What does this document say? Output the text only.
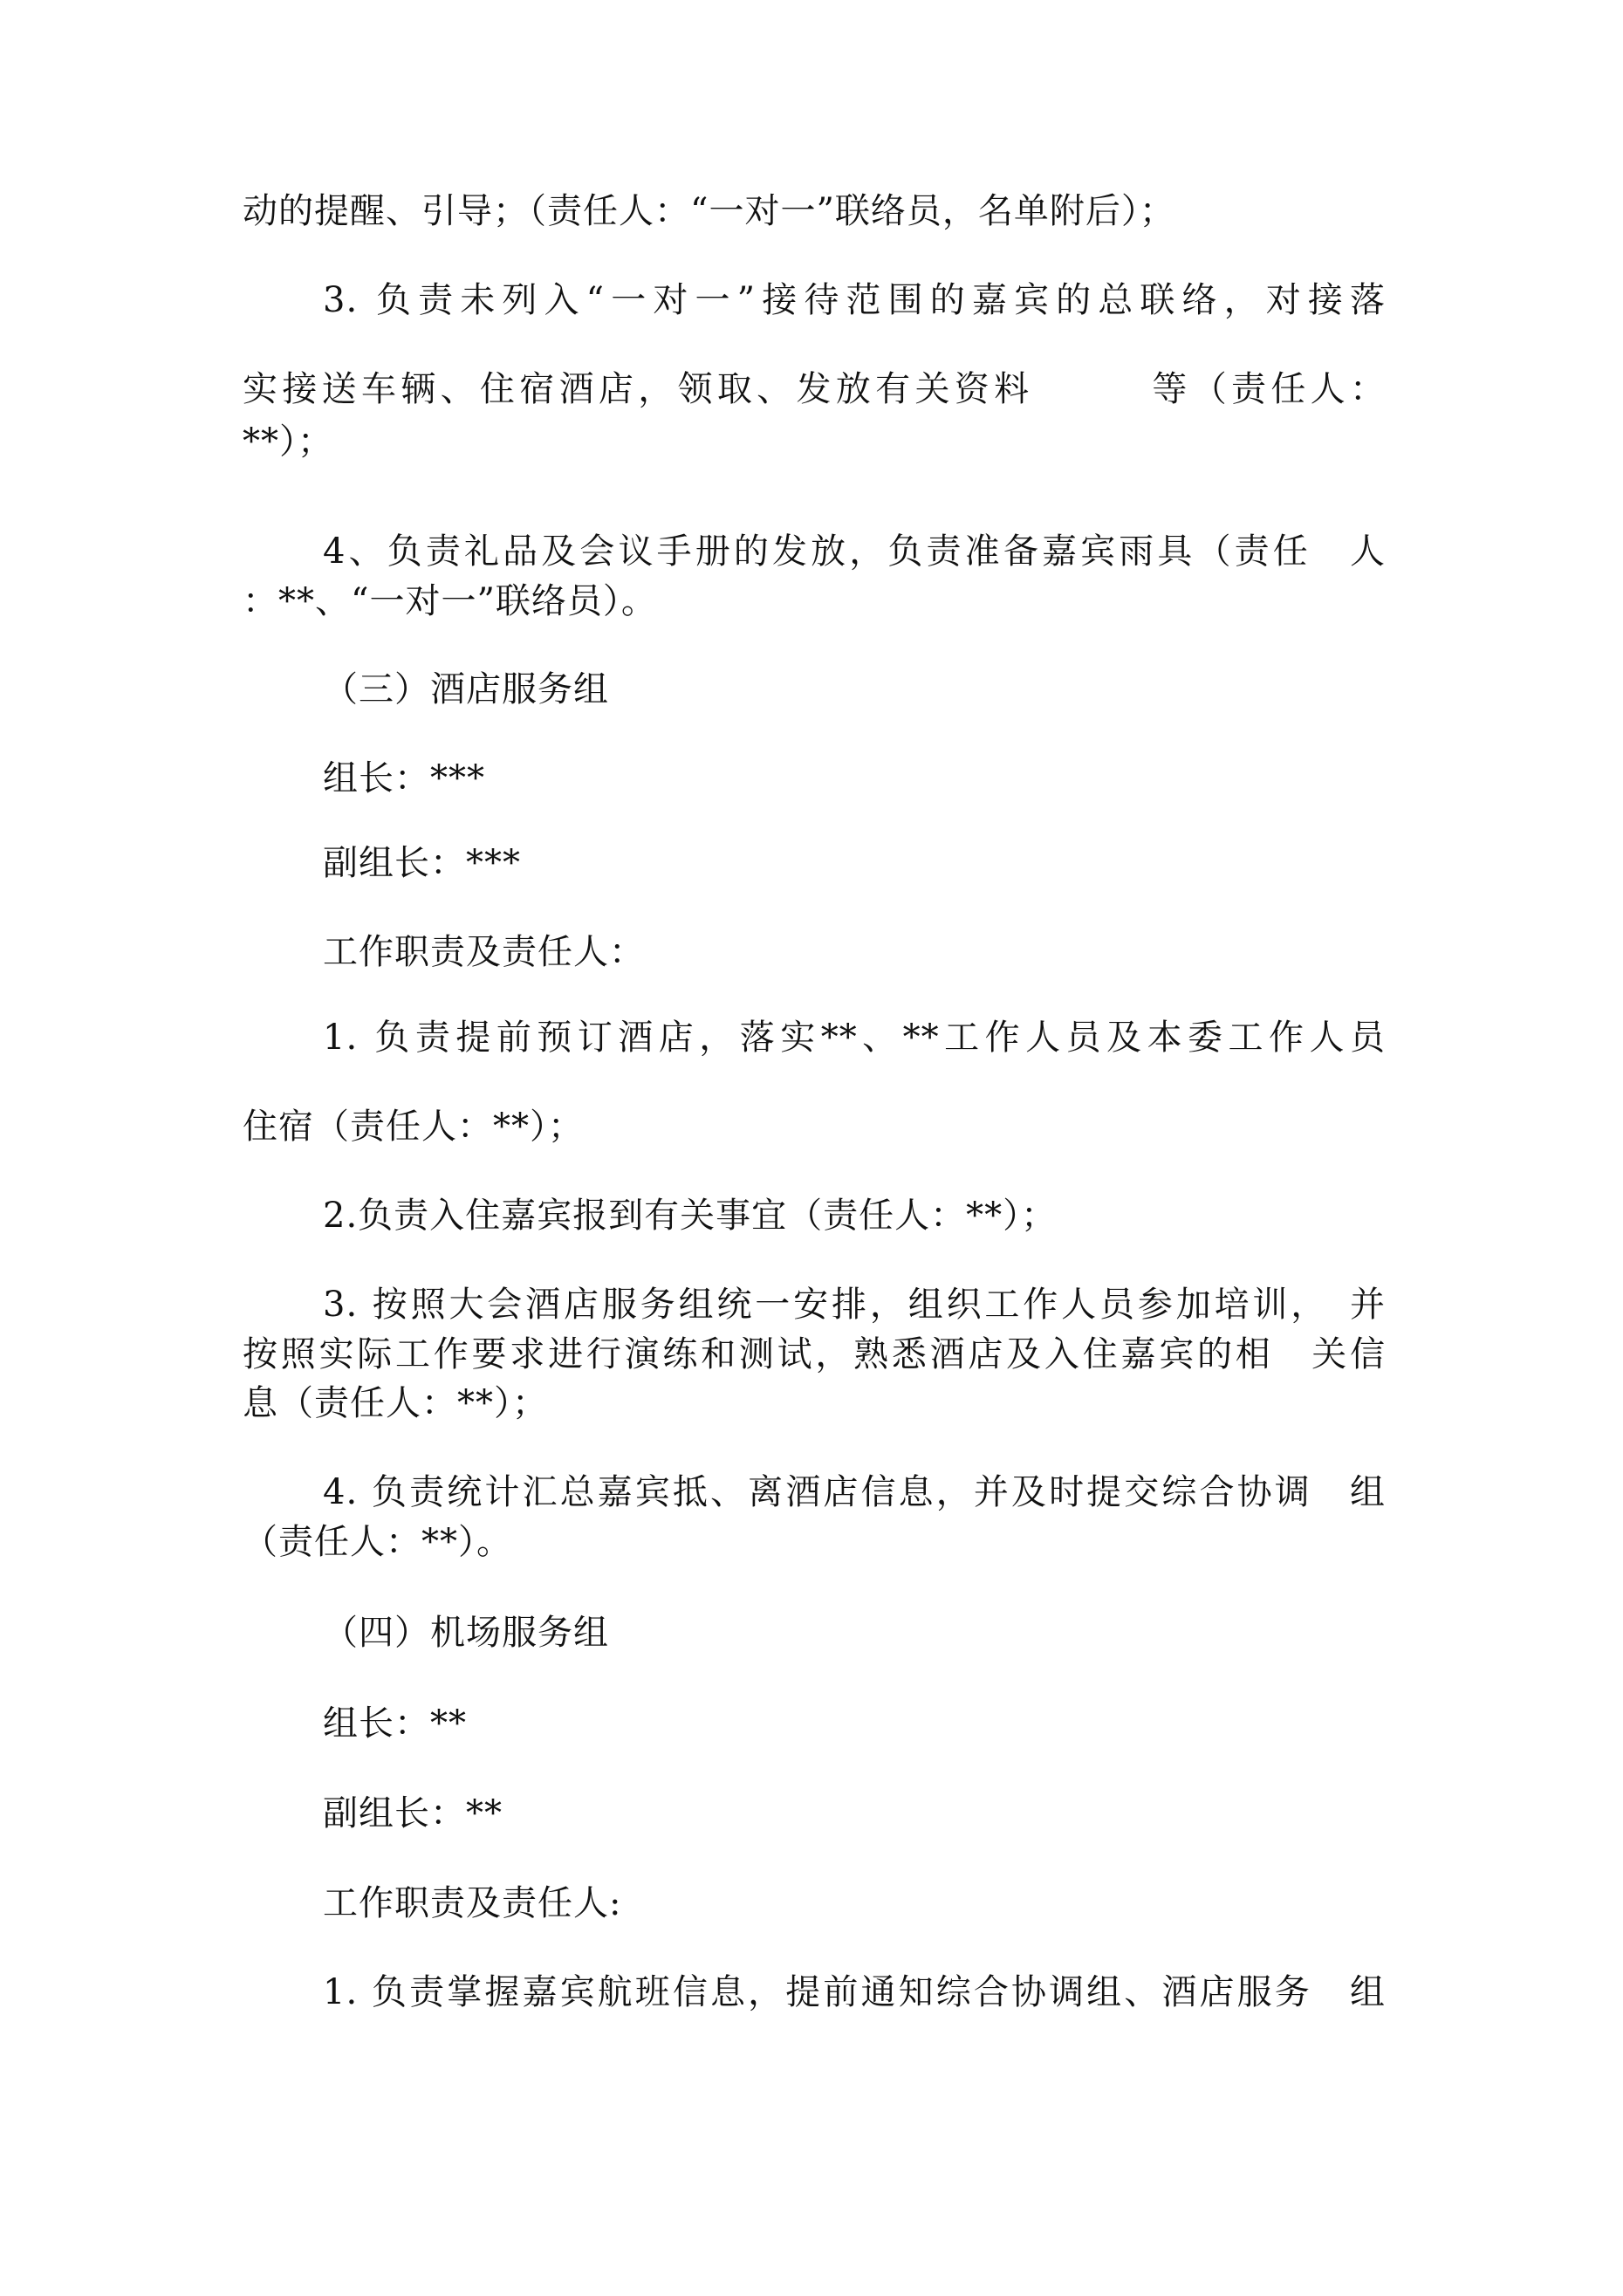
动的提醒、引导；（责任人：“一对一”联络员，名单附后）；
3. 负责未列入“一对一”接待范围的嘉宾的总联络，对接落
实接送车辆、住宿酒店，领取、发放有关资料　　　等（责任人：
**）；
4、负责礼品及会议手册的发放，负责准备嘉宾雨具（责任　人
：**、“一对一”联络员）。
（三）酒店服务组
组长：***
副组长：***
工作职责及责任人：
1. 负责提前预订酒店，落实**、**工作人员及本委工作人员
住宿（责任人：**）；
2.负责入住嘉宾报到有关事宜（责任人：**）；
3. 按照大会酒店服务组统一安排，组织工作人员参加培训，　并
按照实际工作要求进行演练和测试，熟悉酒店及入住嘉宾的相　关信
息（责任人：**）；
4. 负责统计汇总嘉宾抵、离酒店信息，并及时提交综合协调　组
（责任人：**）。
（四）机场服务组
组长：**
副组长：**
工作职责及责任人:
1. 负责掌握嘉宾航班信息，提前通知综合协调组、酒店服务　组
